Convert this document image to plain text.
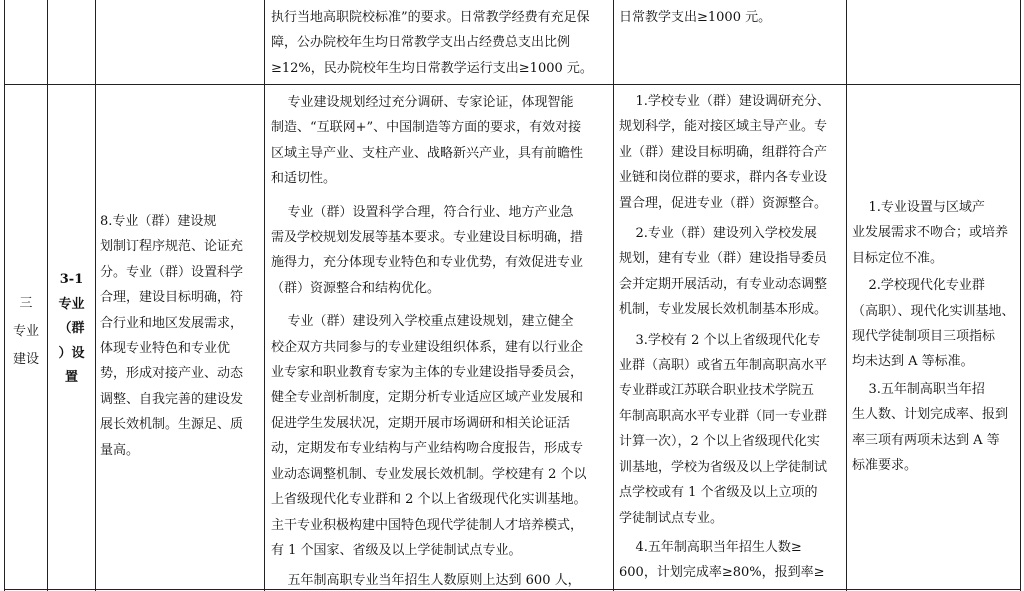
执行当地高职院校标准”的要求。日常教学经费有充足保
障，公办院校年生均日常教学支出占经费总支出比例
≥12%，民办院校年生均日常教学运行支出≥1000 元。
日常教学支出≥1000 元。
三
专业
建设
3-1
专业
（群
）设
置
8.专业（群）建设规
划制订程序规范、论证充
分。专业（群）设置科学
合理，建设目标明确，符
合行业和地区发展需求，
体现专业特色和专业优
势，形成对接产业、动态
调整、自我完善的建设发
展长效机制。生源足、质
量高。
专业建设规划经过充分调研、专家论证，体现智能
制造、“互联网+”、中国制造等方面的要求，有效对接
区域主导产业、支柱产业、战略新兴产业，具有前瞻性
和适切性。
专业（群）设置科学合理，符合行业、地方产业急
需及学校规划发展等基本要求。专业建设目标明确，措
施得力，充分体现专业特色和专业优势，有效促进专业
（群）资源整合和结构优化。
专业（群）建设列入学校重点建设规划，建立健全
校企双方共同参与的专业建设组织体系，建有以行业企
业专家和职业教育专家为主体的专业建设指导委员会，
健全专业剖析制度，定期分析专业适应区域产业发展和
促进学生发展状况，定期开展市场调研和相关论证活
动，定期发布专业结构与产业结构吻合度报告，形成专
业动态调整机制、专业发展长效机制。学校建有 2 个以
上省级现代化专业群和 2 个以上省级现代化实训基地。
主干专业积极构建中国特色现代学徒制人才培养模式，
有 1 个国家、省级及以上学徒制试点专业。
五年制高职专业当年招生人数原则上达到 600 人，
1.学校专业（群）建设调研充分、
规划科学，能对接区域主导产业。专
业（群）建设目标明确，组群符合产
业链和岗位群的要求，群内各专业设
置合理，促进专业（群）资源整合。
2.专业（群）建设列入学校发展
规划，建有专业（群）建设指导委员
会并定期开展活动，有专业动态调整
机制，专业发展长效机制基本形成。
3.学校有 2 个以上省级现代化专
业群（高职）或省五年制高职高水平
专业群或江苏联合职业技术学院五
年制高职高水平专业群（同一专业群
计算一次），2 个以上省级现代化实
训基地，学校为省级及以上学徒制试
点学校或有 1 个省级及以上立项的
学徒制试点专业。
4.五年制高职当年招生人数≥
600，计划完成率≥80%，报到率≥
1.专业设置与区域产
业发展需求不吻合；或培养
目标定位不准。
2.学校现代化专业群
（高职）、现代化实训基地、
现代学徒制项目三项指标
均未达到 A 等标准。
3.五年制高职当年招
生人数、计划完成率、报到
率三项有两项未达到 A 等
标准要求。
